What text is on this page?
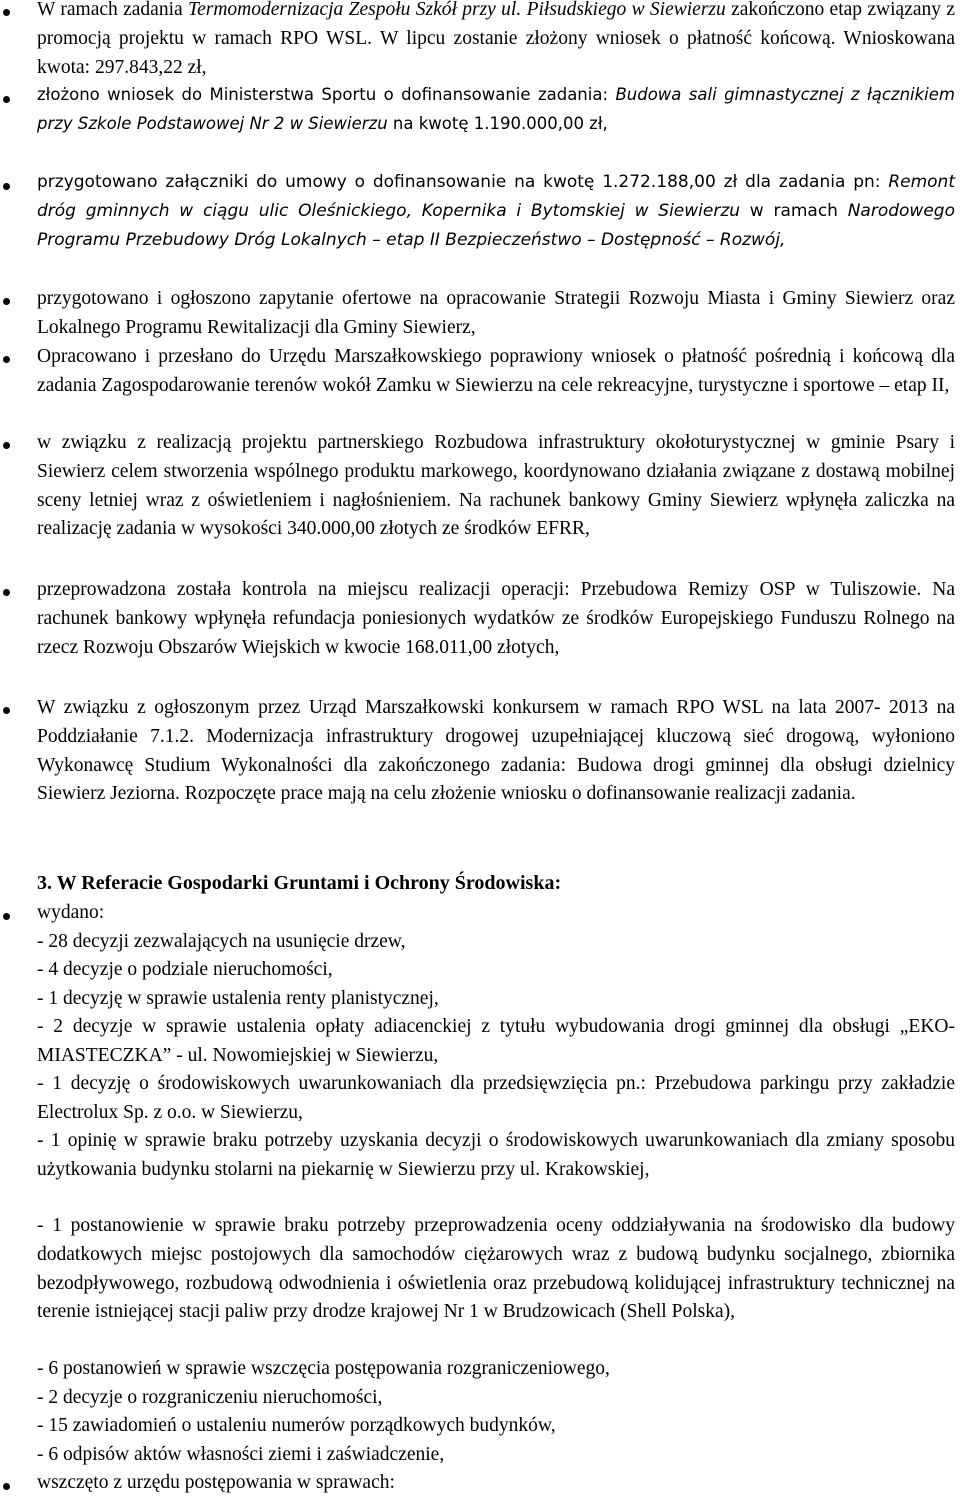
W ramach zadania Termomodernizacja Zespołu Szkół przy ul. Piłsudskiego w Siewierzu zakończono etap związany z promocją projektu w ramach RPO WSL. W lipcu zostanie złożony wniosek o płatność końcową. Wnioskowana kwota: 297.843,22 zł,
złożono wniosek do Ministerstwa Sportu o dofinansowanie zadania: Budowa sali gimnastycznej z łącznikiem przy Szkole Podstawowej Nr 2 w Siewierzu na kwotę 1.190.000,00 zł,
przygotowano załączniki do umowy o dofinansowanie na kwotę 1.272.188,00 zł dla zadania pn: Remont dróg gminnych w ciągu ulic Oleśnickiego, Kopernika i Bytomskiej w Siewierzu w ramach Narodowego Programu Przebudowy Dróg Lokalnych – etap II Bezpieczeństwo – Dostępność – Rozwój,
przygotowano i ogłoszono zapytanie ofertowe na opracowanie Strategii Rozwoju Miasta i Gminy Siewierz oraz Lokalnego Programu Rewitalizacji dla Gminy Siewierz,
Opracowano i przesłano do Urzędu Marszałkowskiego poprawiony wniosek o płatność pośrednią i końcową dla zadania Zagospodarowanie terenów wokół Zamku w Siewierzu na cele rekreacyjne, turystyczne i sportowe – etap II,
w związku z realizacją projektu partnerskiego Rozbudowa infrastruktury okołoturystycznej w gminie Psary i Siewierz celem stworzenia wspólnego produktu markowego, koordynowano działania związane z dostawą mobilnej sceny letniej wraz z oświetleniem i nagłośnieniem. Na rachunek bankowy Gminy Siewierz wpłynęła zaliczka na realizację zadania w wysokości 340.000,00 złotych ze środków EFRR,
przeprowadzona została kontrola na miejscu realizacji operacji: Przebudowa Remizy OSP w Tuliszowie. Na rachunek bankowy wpłynęła refundacja poniesionych wydatków ze środków Europejskiego Funduszu Rolnego na rzecz Rozwoju Obszarów Wiejskich w kwocie 168.011,00 złotych,
W związku z ogłoszonym przez Urząd Marszałkowski konkursem w ramach RPO WSL na lata 2007- 2013 na Poddziałanie 7.1.2. Modernizacja infrastruktury drogowej uzupełniającej kluczową sieć drogową, wyłoniono Wykonawcę Studium Wykonalności dla zakończonego zadania: Budowa drogi gminnej dla obsługi dzielnicy Siewierz Jeziorna. Rozpoczęte prace mają na celu złożenie wniosku o dofinansowanie realizacji zadania.
3. W Referacie Gospodarki Gruntami i Ochrony Środowiska:
wydano:
- 28 decyzji zezwalających na usunięcie drzew,
- 4 decyzje o podziale nieruchomości,
- 1 decyzję w sprawie ustalenia renty planistycznej,
- 2 decyzje w sprawie ustalenia opłaty adiacenckiej z tytułu wybudowania drogi gminnej dla obsługi „EKO-MIASTECZKA” - ul. Nowomiejskiej w Siewierzu,
- 1 decyzję o środowiskowych uwarunkowaniach dla przedsięwzięcia pn.: Przebudowa parkingu przy zakładzie Electrolux Sp. z o.o. w Siewierzu,
- 1 opinię w sprawie braku potrzeby uzyskania decyzji o środowiskowych uwarunkowaniach dla zmiany sposobu użytkowania budynku stolarni na piekarnię w Siewierzu przy ul. Krakowskiej,
- 1 postanowienie w sprawie braku potrzeby przeprowadzenia oceny oddziaływania na środowisko dla budowy dodatkowych miejsc postojowych dla samochodów ciężarowych wraz z budową budynku socjalnego, zbiornika bezodpływowego, rozbudową odwodnienia i oświetlenia oraz przebudową kolidującej infrastruktury technicznej na terenie istniejącej stacji paliw przy drodze krajowej Nr 1 w Brudzowicach (Shell Polska),
- 6 postanowień w sprawie wszczęcia postępowania rozgraniczeniowego,
- 2 decyzje o rozgraniczeniu nieruchomości,
- 15 zawiadomień o ustaleniu numerów porządkowych budynków,
- 6 odpisów aktów własności ziemi i zaświadczenie,
wszczęto z urzędu postępowania w sprawach:
